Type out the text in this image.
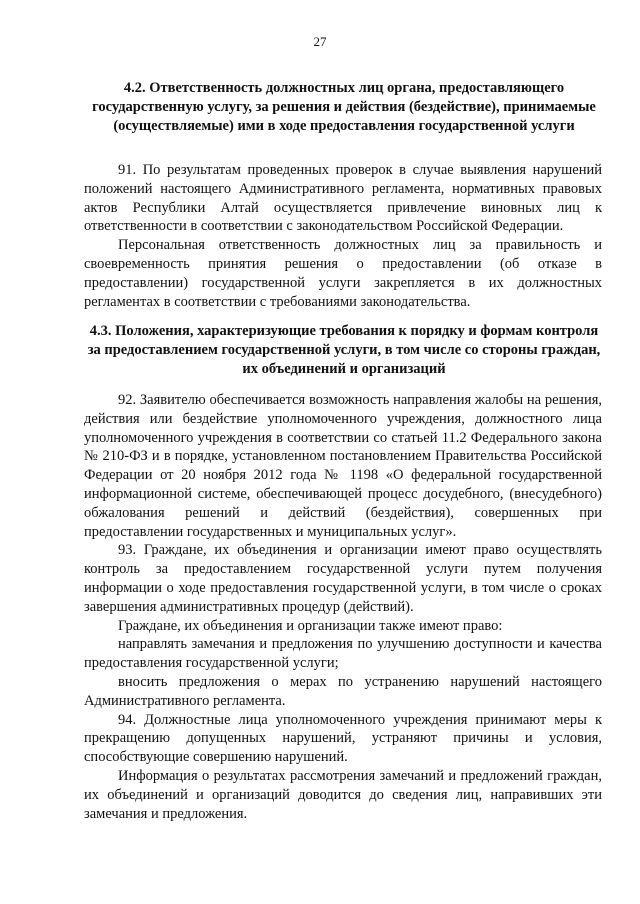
27
4.2. Ответственность должностных лиц органа, предоставляющего государственную услугу, за решения и действия (бездействие), принимаемые (осуществляемые) ими в ходе предоставления государственной услуги

91. По результатам проведенных проверок в случае выявления нарушений положений настоящего Административного регламента, нормативных правовых актов Республики Алтай осуществляется привлечение виновных лиц к ответственности в соответствии с законодательством Российской Федерации.

Персональная ответственность должностных лиц за правильность и своевременность принятия решения о предоставлении (об отказе в предоставлении) государственной услуги закрепляется в их должностных регламентах в соответствии с требованиями законодательства.

4.3. Положения, характеризующие требования к порядку и формам контроля за предоставлением государственной услуги, в том числе со стороны граждан, их объединений и организаций

92. Заявителю обеспечивается возможность направления жалобы на решения, действия или бездействие уполномоченного учреждения, должностного лица уполномоченного учреждения в соответствии со статьей 11.2 Федерального закона № 210-ФЗ и в порядке, установленном постановлением Правительства Российской Федерации от 20 ноября 2012 года № 1198 «О федеральной государственной информационной системе, обеспечивающей процесс досудебного, (внесудебного) обжалования решений и действий (бездействия), совершенных при предоставлении государственных и муниципальных услуг».

93. Граждане, их объединения и организации имеют право осуществлять контроль за предоставлением государственной услуги путем получения информации о ходе предоставления государственной услуги, в том числе о сроках завершения административных процедур (действий).

Граждане, их объединения и организации также имеют право:

направлять замечания и предложения по улучшению доступности и качества предоставления государственной услуги;

вносить предложения о мерах по устранению нарушений настоящего Административного регламента.

94. Должностные лица уполномоченного учреждения принимают меры к прекращению допущенных нарушений, устраняют причины и условия, способствующие совершению нарушений.

Информация о результатах рассмотрения замечаний и предложений граждан, их объединений и организаций доводится до сведения лиц, направивших эти замечания и предложения.
